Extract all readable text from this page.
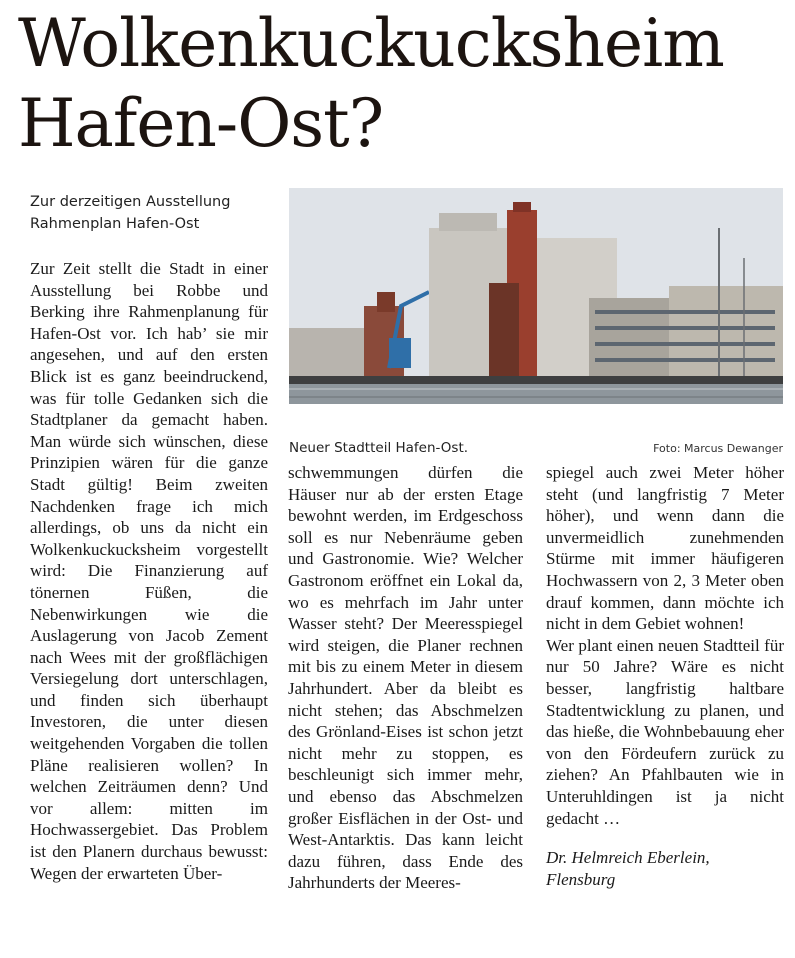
Wolkenkuckucksheim
Hafen-Ost?
Zur derzeitigen Ausstellung
Rahmenplan Hafen-Ost
Neuer Stadtteil Hafen-Ost.	Foto: Marcus Dewanger

Zur Zeit stellt die Stadt in einer Ausstellung bei Robbe und Berking ihre Rahmenplanung für Hafen-Ost vor. Ich hab’ sie mir angesehen, und auf den ersten Blick ist es ganz beeindruckend, was für tolle Gedanken sich die Stadtplaner da gemacht haben. Man würde sich wünschen, diese Prinzipien wären für die ganze Stadt gültig! Beim zweiten Nachdenken frage ich mich allerdings, ob uns da nicht ein Wolkenkuckucksheim vorgestellt wird: Die Finanzierung auf tönernen Füßen, die Nebenwirkungen wie die Auslagerung von Jacob Zement nach Wees mit der großflächigen Versiegelung dort unterschlagen, und finden sich überhaupt Investoren, die unter diesen weitgehenden Vorgaben die tollen Pläne realisieren wollen? In welchen Zeiträumen denn? Und vor allem: mitten im Hochwassergebiet. Das Problem ist den Planern durchaus bewusst: Wegen der erwarteten Über-

schwemmungen dürfen die Häuser nur ab der ersten Etage bewohnt werden, im Erdgeschoss soll es nur Nebenräume geben und Gastronomie. Wie? Welcher Gastronom eröffnet ein Lokal da, wo es mehrfach im Jahr unter Wasser steht? Der Meeresspiegel wird steigen, die Planer rechnen mit bis zu einem Meter in diesem Jahrhundert. Aber da bleibt es nicht stehen; das Abschmelzen des Grönland-Eises ist schon jetzt nicht mehr zu stoppen, es beschleunigt sich immer mehr, und ebenso das Abschmelzen großer Eisflächen in der Ost- und West-Antarktis. Das kann leicht dazu führen, dass Ende des Jahrhunderts der Meeres-

spiegel auch zwei Meter höher steht (und langfristig 7 Meter höher), und wenn dann die unvermeidlich zunehmenden Stürme mit immer häufigeren Hochwassern von 2, 3 Meter oben drauf kommen, dann möchte ich nicht in dem Gebiet wohnen!

Wer plant einen neuen Stadtteil für nur 50 Jahre? Wäre es nicht besser, langfristig haltbare Stadtentwicklung zu planen, und das hieße, die Wohnbebauung eher von den Fördeufern zurück zu ziehen? An Pfahlbauten wie in Unteruhldingen ist ja nicht gedacht …

Dr. Helmreich Eberlein,
Flensburg
